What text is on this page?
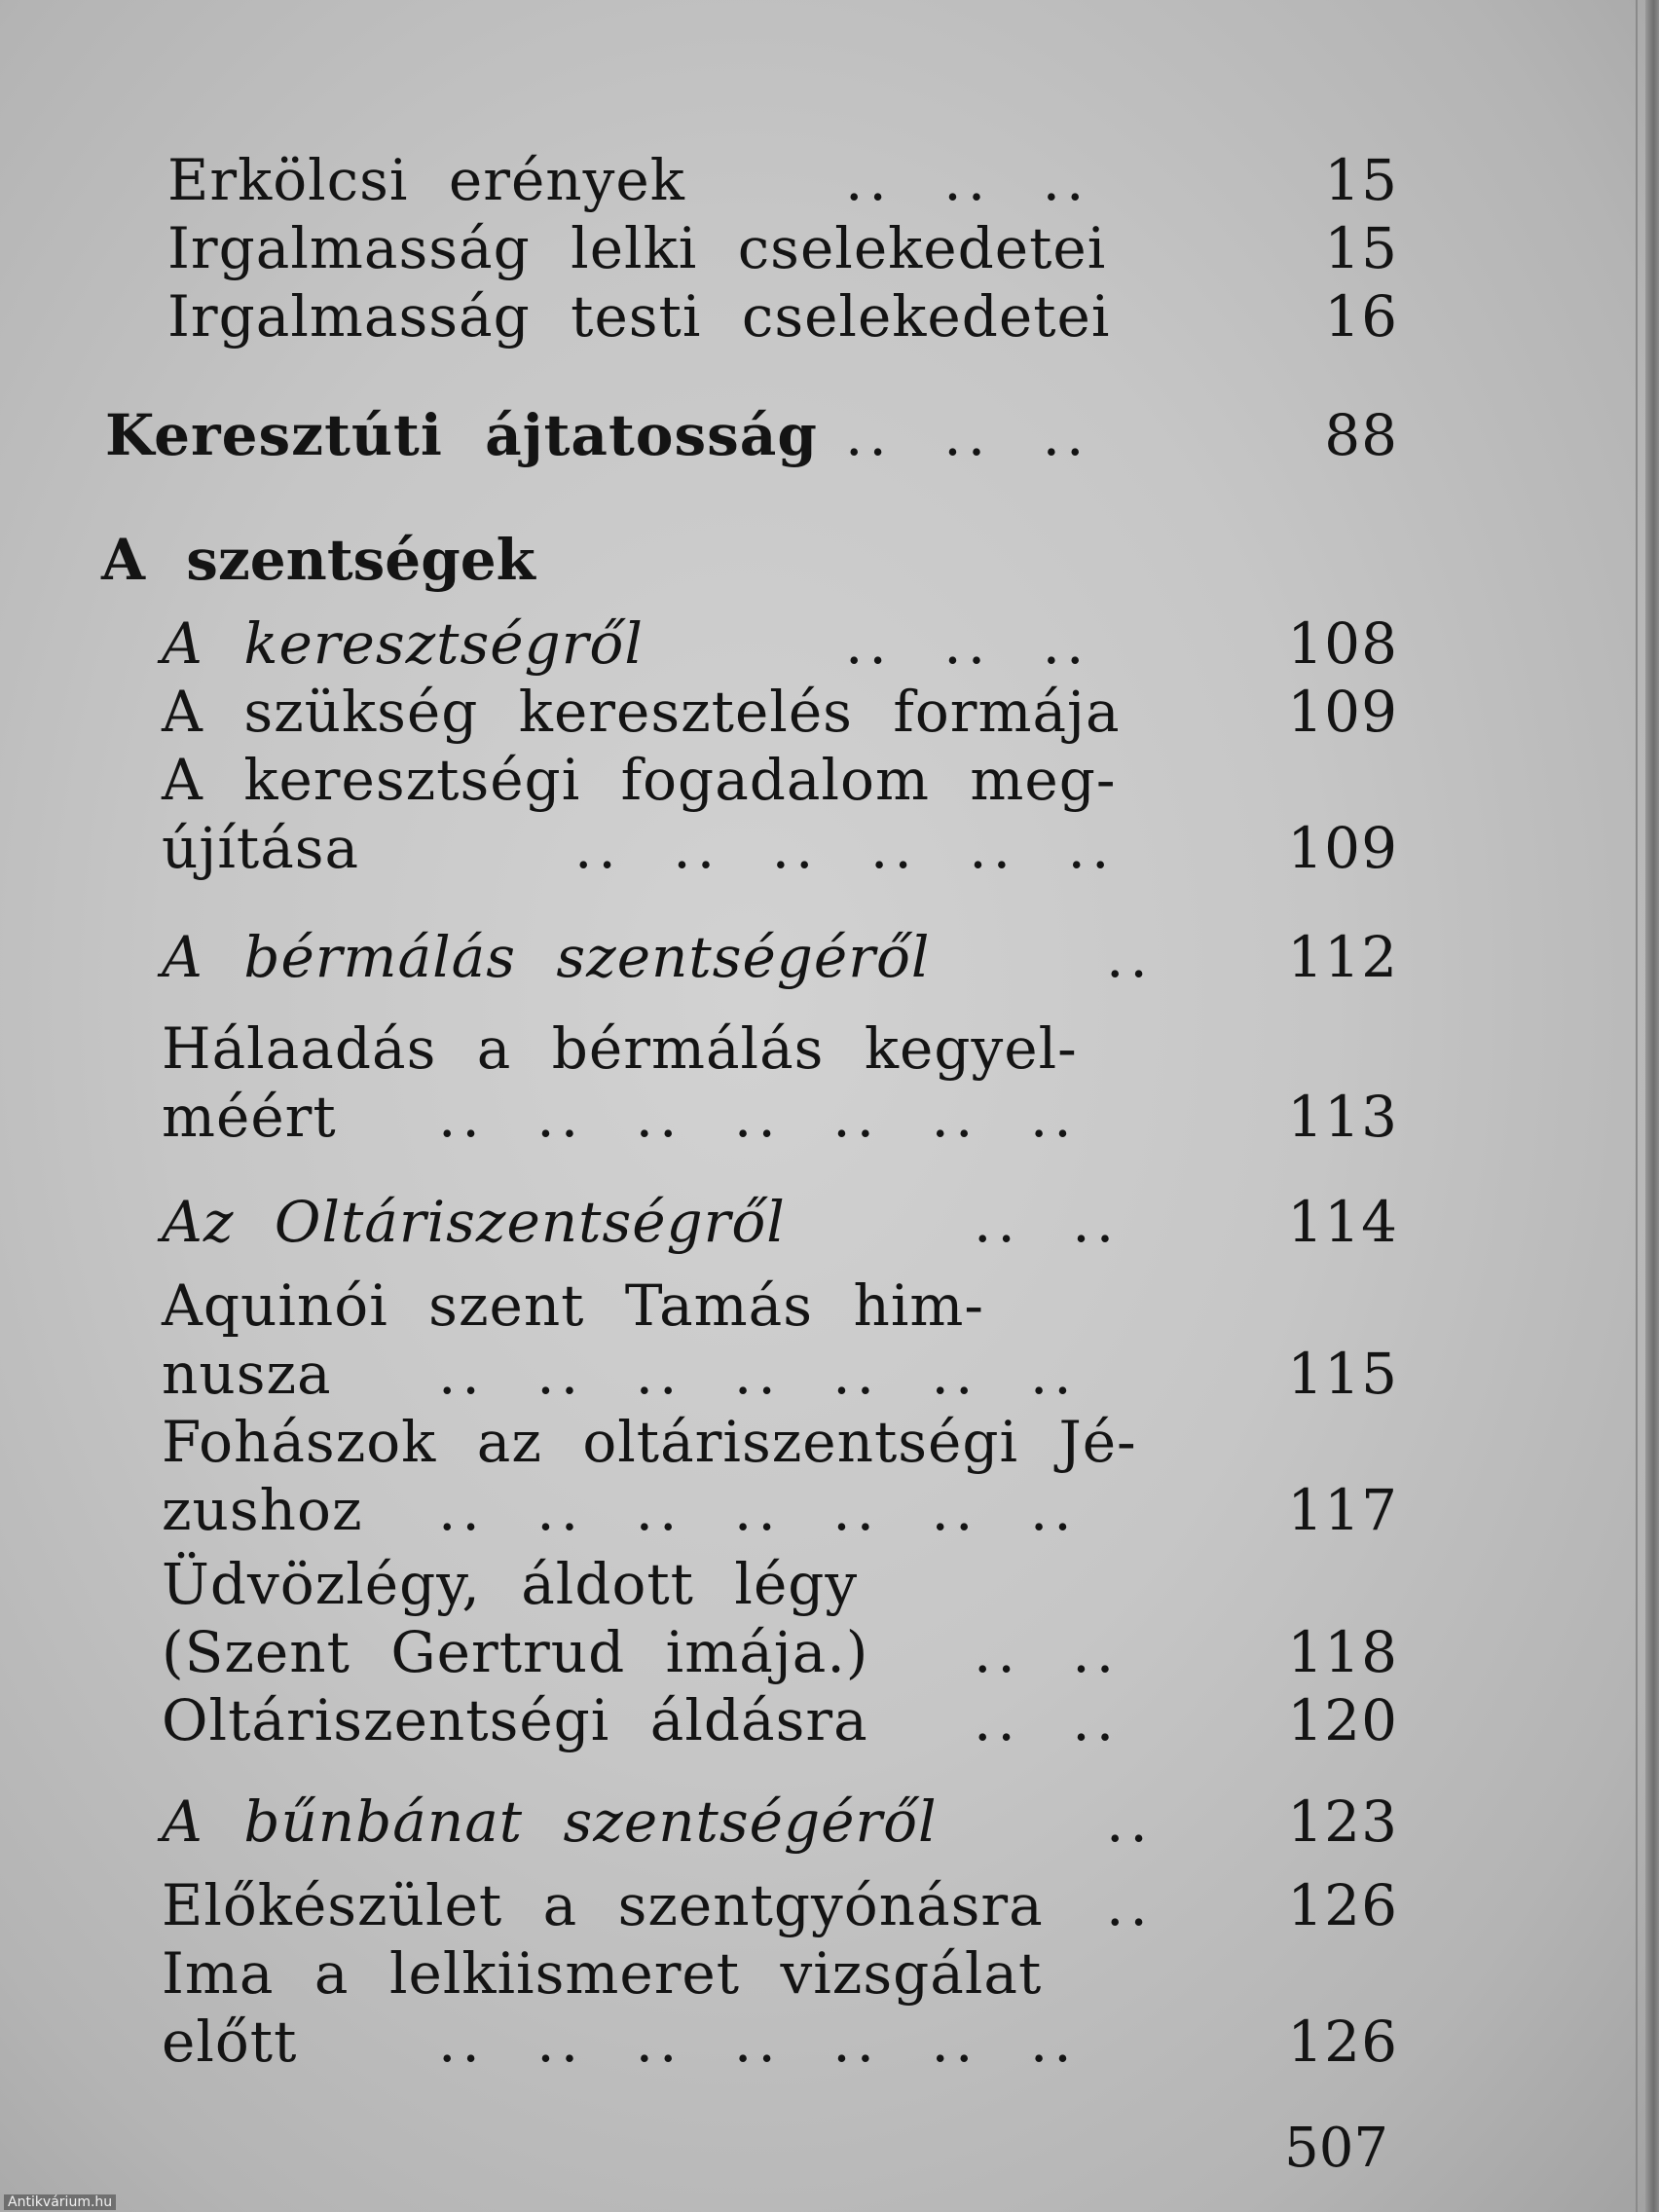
Erkölcsi erények	.. .. ..	15
Irgalmasság lelki cselekedetei	15
Irgalmasság testi cselekedetei	16
Keresztúti ájtatosság .. .. ..	88
A szentségek
A keresztségről	.. .. ..	108
A szükség keresztelés formája	109
A keresztségi fogadalom meg-
újítása	.. .. .. .. .. ..	109
A bérmálás szentségéről	.. 112
Hálaadás a bérmálás kegyel-
méért .. .. .. .. .. .. ..	113
Az Oltáriszentségről	.. ..	114
Aquinói szent Tamás him-
nusza .. .. .. .. .. .. ..	115
Fohászok az oltáriszentségi Jé-
zushoz .. .. .. .. .. .. ..	117
Üdvözlégy, áldott légy
(Szent Gertrud imája.) .. ..	118
Oltáriszentségi áldásra .. ..	120
A bűnbánat szentségéről	.. 123
Előkészület a szentgyónásra .. 126
Ima a lelkiismeret vizsgálat
előtt .. .. .. .. .. .. ..	126
507
Antikvárium.hu
